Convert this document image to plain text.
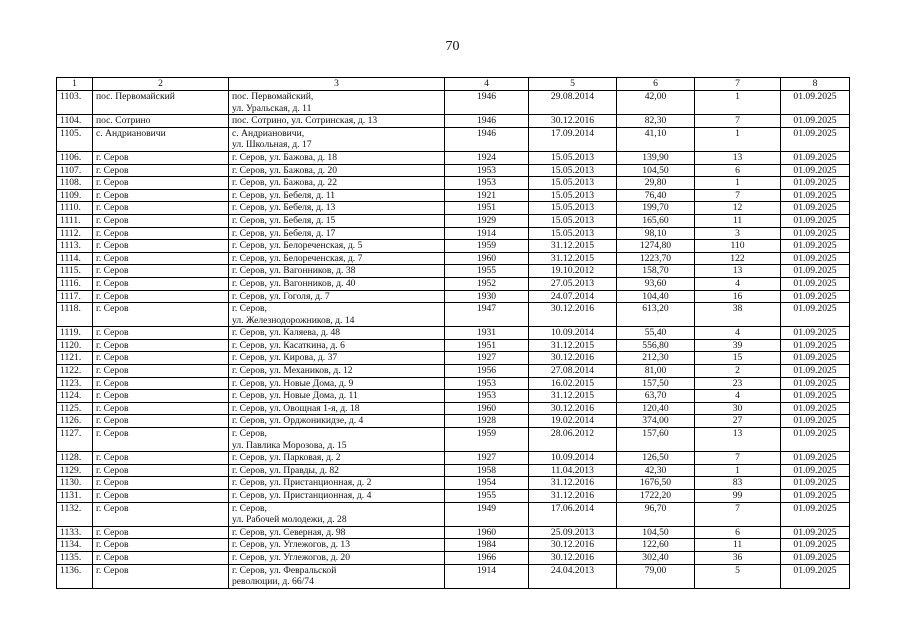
70
1	2	3	4	5	6	7	8
1103.	пос. Первомайский	пос. Первомайский,
ул. Уральская, д. 11	1946	29.08.2014	42,00	1	01.09.2025
1104.	пос. Сотрино	пос. Сотрино, ул. Сотринская, д. 13	1946	30.12.2016	82,30	7	01.09.2025
1105.	с. Андриановичи	с. Андриановичи,
ул. Школьная, д. 17	1946	17.09.2014	41,10	1	01.09.2025
1106.	г. Серов	г. Серов, ул. Бажова, д. 18	1924	15.05.2013	139,90	13	01.09.2025
1107.	г. Серов	г. Серов, ул. Бажова, д. 20	1953	15.05.2013	104,50	6	01.09.2025
1108.	г. Серов	г. Серов, ул. Бажова, д. 22	1953	15.05.2013	29,80	1	01.09.2025
1109.	г. Серов	г. Серов, ул. Бебеля, д. 11	1921	15.05.2013	76,40	7	01.09.2025
1110.	г. Серов	г. Серов, ул. Бебеля, д. 13	1951	15.05.2013	199,70	12	01.09.2025
1111.	г. Серов	г. Серов, ул. Бебеля, д. 15	1929	15.05.2013	165,60	11	01.09.2025
1112.	г. Серов	г. Серов, ул. Бебеля, д. 17	1914	15.05.2013	98,10	3	01.09.2025
1113.	г. Серов	г. Серов, ул. Белореченская, д. 5	1959	31.12.2015	1274,80	110	01.09.2025
1114.	г. Серов	г. Серов, ул. Белореченская, д. 7	1960	31.12.2015	1223,70	122	01.09.2025
1115.	г. Серов	г. Серов, ул. Вагонников, д. 38	1955	19.10.2012	158,70	13	01.09.2025
1116.	г. Серов	г. Серов, ул. Вагонников, д. 40	1952	27.05.2013	93,60	4	01.09.2025
1117.	г. Серов	г. Серов, ул. Гоголя, д. 7	1930	24.07.2014	104,40	16	01.09.2025
1118.	г. Серов	г. Серов,
ул. Железнодорожников, д. 14	1947	30.12.2016	613,20	38	01.09.2025
1119.	г. Серов	г. Серов, ул. Каляева, д. 48	1931	10.09.2014	55,40	4	01.09.2025
1120.	г. Серов	г. Серов, ул. Касаткина, д. 6	1951	31.12.2015	556,80	39	01.09.2025
1121.	г. Серов	г. Серов, ул. Кирова, д. 37	1927	30.12.2016	212,30	15	01.09.2025
1122.	г. Серов	г. Серов, ул. Механиков, д. 12	1956	27.08.2014	81,00	2	01.09.2025
1123.	г. Серов	г. Серов, ул. Новые Дома, д. 9	1953	16.02.2015	157,50	23	01.09.2025
1124.	г. Серов	г. Серов, ул. Новые Дома, д. 11	1953	31.12.2015	63,70	4	01.09.2025
1125.	г. Серов	г. Серов, ул. Овощная 1-я, д. 18	1960	30.12.2016	120,40	30	01.09.2025
1126.	г. Серов	г. Серов, ул. Орджоникидзе, д. 4	1928	19.02.2014	374,00	27	01.09.2025
1127.	г. Серов	г. Серов,
ул. Павлика Морозова, д. 15	1959	28.06.2012	157,60	13	01.09.2025
1128.	г. Серов	г. Серов, ул. Парковая, д. 2	1927	10.09.2014	126,50	7	01.09.2025
1129.	г. Серов	г. Серов, ул. Правды, д. 82	1958	11.04.2013	42,30	1	01.09.2025
1130.	г. Серов	г. Серов, ул. Пристанционная, д. 2	1954	31.12.2016	1676,50	83	01.09.2025
1131.	г. Серов	г. Серов, ул. Пристанционная, д. 4	1955	31.12.2016	1722,20	99	01.09.2025
1132.	г. Серов	г. Серов,
ул. Рабочей молодежи, д. 28	1949	17.06.2014	96,70	7	01.09.2025
1133.	г. Серов	г. Серов, ул. Северная, д. 98	1960	25.09.2013	104,50	6	01.09.2025
1134.	г. Серов	г. Серов, ул. Углежогов, д. 13	1984	30.12.2016	122,60	11	01.09.2025
1135.	г. Серов	г. Серов, ул. Углежогов, д. 20	1966	30.12.2016	302,40	36	01.09.2025
1136.	г. Серов	г. Серов, ул. Февральской
революции, д. 66/74	1914	24.04.2013	79,00	5	01.09.2025
